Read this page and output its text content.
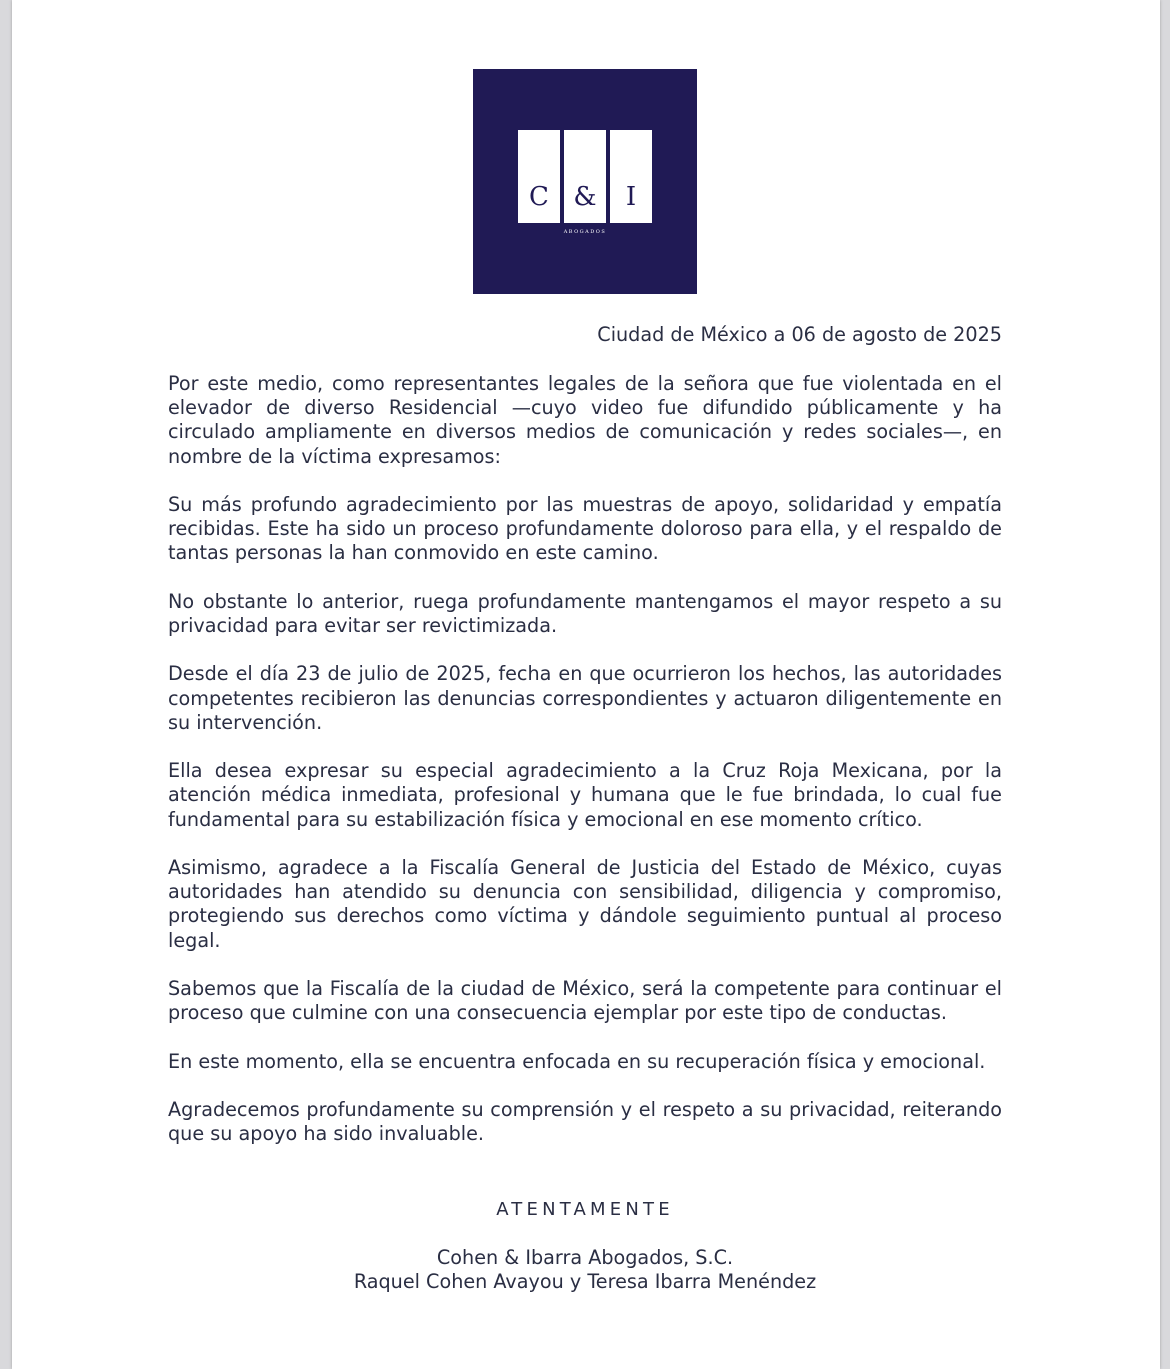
C &	I
ABOGADOS

Ciudad de México a 06 de agosto de 2025

Por este medio, como representantes legales de la señora que fue violentada en el elevador de diverso Residencial —cuyo video fue difundido públicamente y ha circulado ampliamente en diversos medios de comunicación y redes sociales—, en nombre de la víctima expresamos:

Su más profundo agradecimiento por las muestras de apoyo, solidaridad y empatía recibidas. Este ha sido un proceso profundamente doloroso para ella, y el respaldo de tantas personas la han conmovido en este camino.

No obstante lo anterior, ruega profundamente mantengamos el mayor respeto a su privacidad para evitar ser revictimizada.

Desde el día 23 de julio de 2025, fecha en que ocurrieron los hechos, las autoridades competentes recibieron las denuncias correspondientes y actuaron diligentemente en su intervención.

Ella desea expresar su especial agradecimiento a la Cruz Roja Mexicana, por la atención médica inmediata, profesional y humana que le fue brindada, lo cual fue fundamental para su estabilización física y emocional en ese momento crítico.

Asimismo, agradece a la Fiscalía General de Justicia del Estado de México, cuyas autoridades han atendido su denuncia con sensibilidad, diligencia y compromiso, protegiendo sus derechos como víctima y dándole seguimiento puntual al proceso legal.

Sabemos que la Fiscalía de la ciudad de México, será la competente para continuar el proceso que culmine con una consecuencia ejemplar por este tipo de conductas.

En este momento, ella se encuentra enfocada en su recuperación física y emocional.

Agradecemos profundamente su comprensión y el respeto a su privacidad, reiterando que su apoyo ha sido invaluable.

ATENTAMENTE

Cohen & Ibarra Abogados, S.C.
Raquel Cohen Avayou y Teresa Ibarra Menéndez
